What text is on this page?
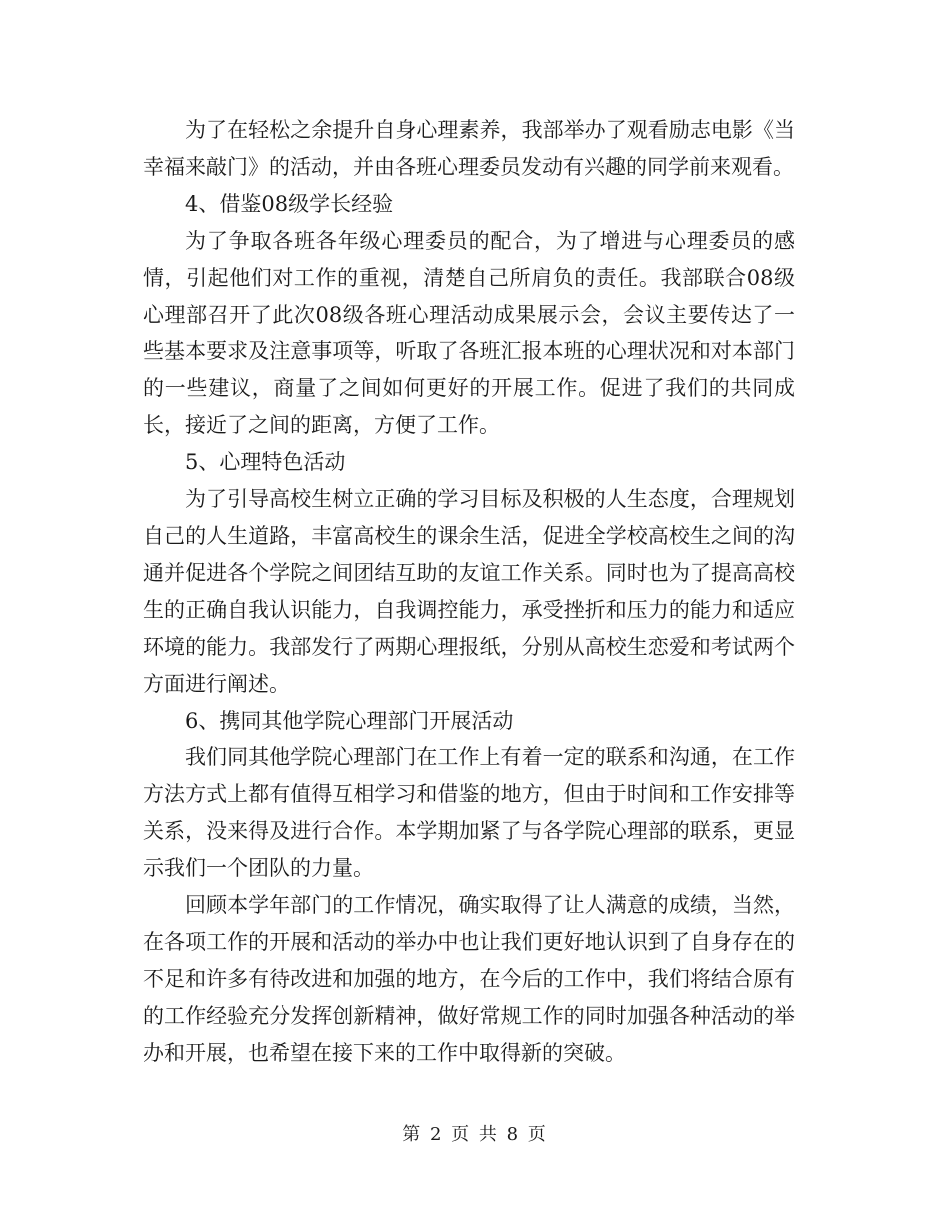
为了在轻松之余提升自身心理素养，我部举办了观看励志电影《当幸福来敲门》的活动，并由各班心理委员发动有兴趣的同学前来观看。

4、借鉴08级学长经验

为了争取各班各年级心理委员的配合，为了增进与心理委员的感情，引起他们对工作的重视，清楚自己所肩负的责任。我部联合08级心理部召开了此次08级各班心理活动成果展示会，会议主要传达了一些基本要求及注意事项等，听取了各班汇报本班的心理状况和对本部门的一些建议，商量了之间如何更好的开展工作。促进了我们的共同成长，接近了之间的距离，方便了工作。

5、心理特色活动

为了引导高校生树立正确的学习目标及积极的人生态度，合理规划自己的人生道路，丰富高校生的课余生活，促进全学校高校生之间的沟通并促进各个学院之间团结互助的友谊工作关系。同时也为了提高高校生的正确自我认识能力，自我调控能力，承受挫折和压力的能力和适应环境的能力。我部发行了两期心理报纸，分别从高校生恋爱和考试两个方面进行阐述。

6、携同其他学院心理部门开展活动

我们同其他学院心理部门在工作上有着一定的联系和沟通，在工作方法方式上都有值得互相学习和借鉴的地方，但由于时间和工作安排等关系，没来得及进行合作。本学期加紧了与各学院心理部的联系，更显示我们一个团队的力量。

回顾本学年部门的工作情况，确实取得了让人满意的成绩，当然，在各项工作的开展和活动的举办中也让我们更好地认识到了自身存在的不足和许多有待改进和加强的地方，在今后的工作中，我们将结合原有的工作经验充分发挥创新精神，做好常规工作的同时加强各种活动的举办和开展，也希望在接下来的工作中取得新的突破。

第 2 页 共 8 页
